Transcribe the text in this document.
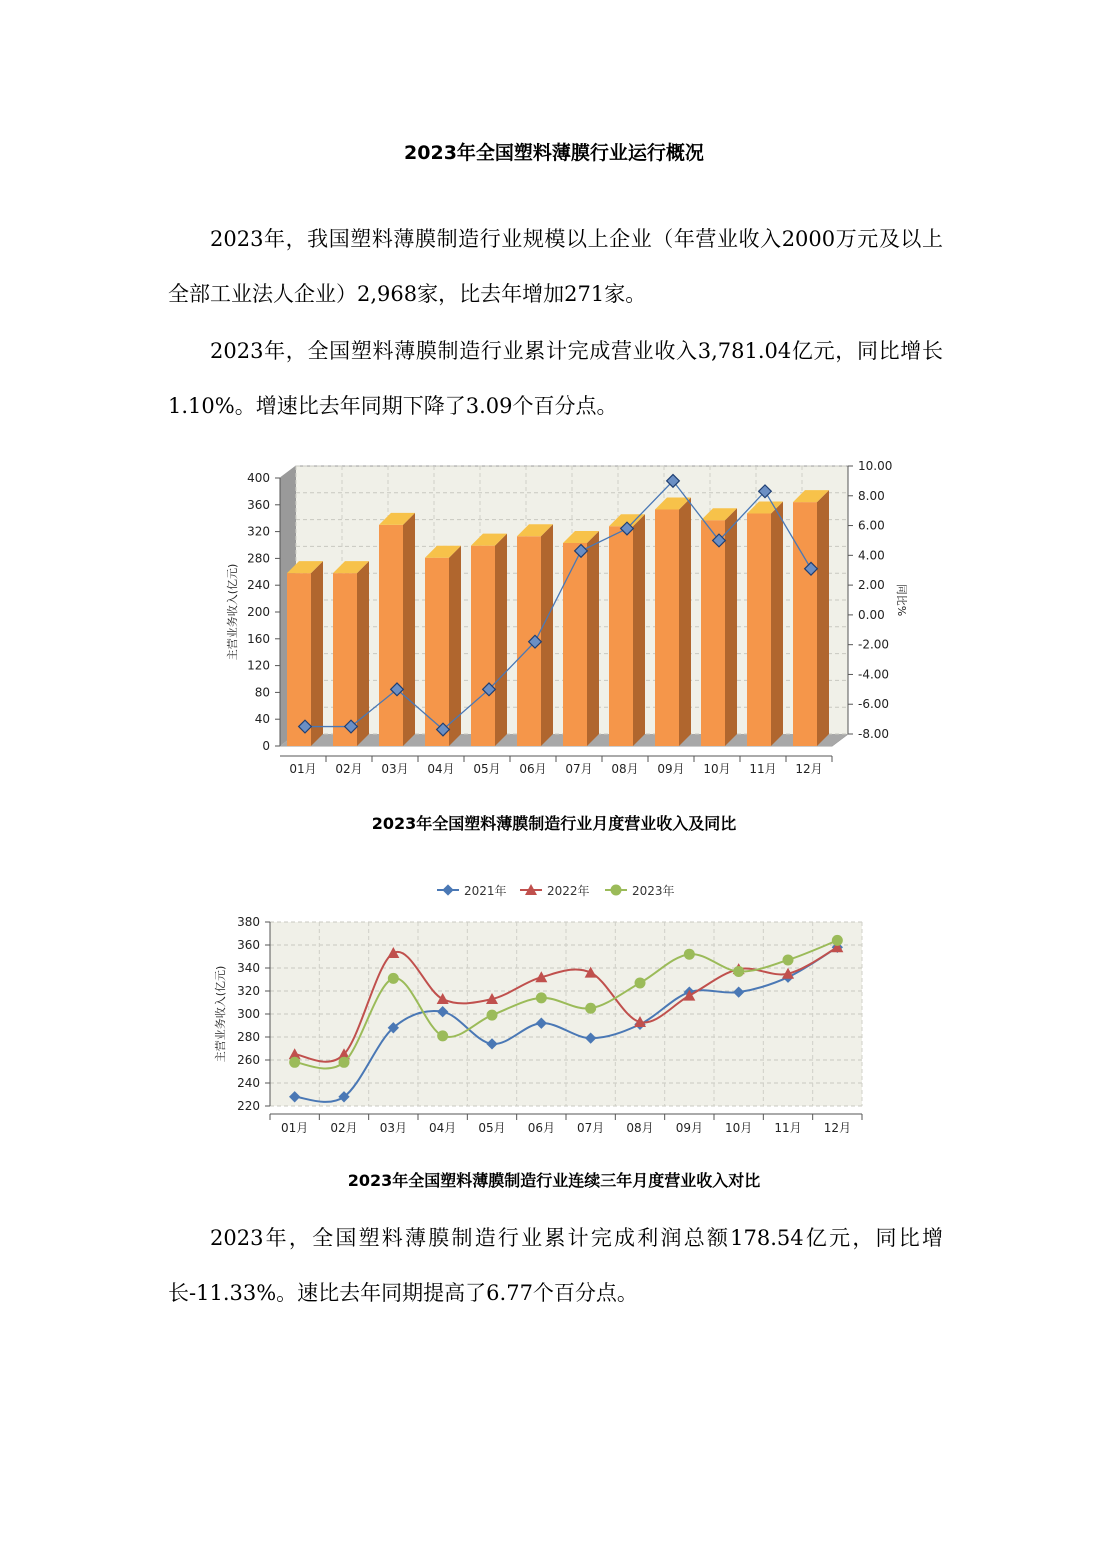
2023年全国塑料薄膜行业运行概况

2023年，我国塑料薄膜制造行业规模以上企业（年营业收入2000万元及以上全部工业法人企业）2,968家，比去年增加271家。

2023年，全国塑料薄膜制造行业累计完成营业收入3,781.04亿元，同比增长1.10%。增速比去年同期下降了3.09个百分点。

0
40
80
120
160
200
240
280
320
360
400
-8.00
-6.00
-4.00
-2.00
0.00
2.00
4.00
6.00
8.00
10.00
主营业务收入(亿元)	同比%
01月 02月 03月 04月 05月 06月 07月 08月 09月 10月 11月 12月
2023年全国塑料薄膜制造行业月度营业收入及同比
220
240
260
280
300
320
340
360
380
01月 02月 03月 04月 05月 06月 07月 08月 09月 10月 11月 12月
主营业务收入(亿元)
2021年	2022年	2023年
2023年全国塑料薄膜制造行业连续三年月度营业收入对比

2023年，全国塑料薄膜制造行业累计完成利润总额178.54亿元，同比增长-11.33%。速比去年同期提高了6.77个百分点。
